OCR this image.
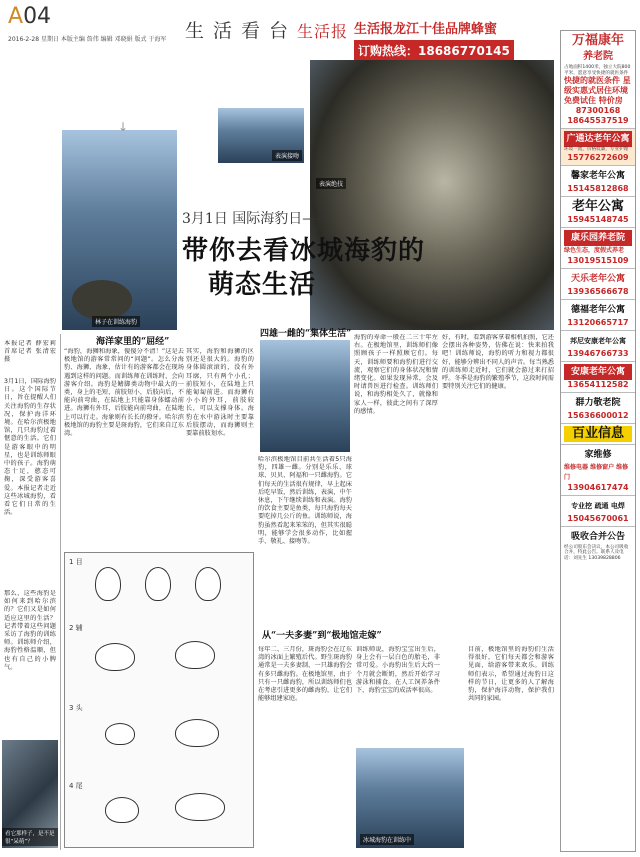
A04
2016-2-28 星期日 本版主编 詹伟 编辑 邓晓娟 版式 于海军 生活看台生活报 生活报龙江十佳品牌蜂蜜
订购热线：18686770145
林子在训练海豹
↓
表演接吻
表演绝技
3月1日 国际海豹日——
带你去看冰城海豹的
萌态生活
海洋家里的“屈经”
四雄一雌的“集体生活”
从“一夫多妻”到“极地馆走嫁”
本报记者 薛宏莉 首席记者 张清宏 摄
3月1日，国际海豹日。这个国际节日，旨在提醒人们关注海豹的生存状况，保护海洋环境。在哈尔滨极地馆，几只海豹过着惬意的生活。它们是游客眼中的明星，也是训练师眼中的孩子。海豹萌态十足，憨态可掬，深受游客喜爱。本报记者走近这些冰城海豹，看看它们日常的生活。
那么，这些海豹是如何来到哈尔滨的？它们又是如何适应这里的生活？记者带着这些问题采访了海豹的训练师。训练师介绍，海豹性格温顺，但也有自己的小脾气。
看它那样子，是不是很“呆萌”？
“海豹，海狮和海象，傻傻分不清！”这是去极地馆的游客常常问的“问题”。怎么分海豹、海狮、海象，估计有的游客都会在现场遇到这样的问题。而训练师在训练时，会向游客介绍。海豹是鳍脚类动物中最大的一类，身上的毛短，前肢短小，后肢向后，不能向前弯曲，在陆地上只能靠身体蠕动前进。海狮有外耳，后肢能向前弯曲，在陆地上可以行走。海象则有长长的獠牙。哈尔滨极地馆的海豹主要是斑海豹，它们来自辽东湾。
其实，海豹和海狮的区别还是很大的。海豹的身体圆滚滚的，没有外耳廓，只有两个小孔；前肢短小，在陆地上只能匍匐前进。而海狮有小小的外耳，前肢较长，可以支撑身体。海豹在水中游泳时主要靠后肢摆动，而海狮则主要靠前肢划水。
1 目
2 辅
3 头
4 尾
哈尔滨极地馆目前共生活着5只海豹，四雄一雌。分别是乐乐、球球、贝贝、阿福和一只雌海豹。它们每天的生活很有规律，早上起床后吃早饭，然后训练，表演，中午休息，下午继续训练和表演。海豹的饮食主要是鱼类，每只海豹每天要吃掉几公斤的鱼。训练师说，海豹虽然看起来笨笨的，但其实很聪明，能够学会很多动作，比如握手、敬礼、接吻等。
海豹的寿命一般在二三十年左右。在极地馆里，训练师们像照顾孩子一样照顾它们。每天，训练师要和海豹们进行交流，观察它们的身体状况和情绪变化。如果发现异常，会及时请兽医进行检查。训练师们说，和海豹相处久了，就像和家人一样，彼此之间有了深厚的感情。
好，有时，看到游客拿着相机拍照，它还会摆出各种姿势，仿佛在说：快来拍我吧！训练师说，海豹的听力和视力都很好，能够分辨出不同人的声音。每当熟悉的训练师走近时，它们就会游过来打招呼。冬季是海豹的繁殖季节，这段时间需要特别关注它们的健康。
每年二、三月份，斑海豹会在辽东湾的冰面上繁殖后代。野生斑海豹通常是一夫多妻制，一只雄海豹会有多只雌海豹。在极地馆里，由于只有一只雌海豹，所以训练师们也在考虑引进更多的雌海豹，让它们能够组建家庭。
训练师说，海豹宝宝出生后，身上会有一层白色的胎毛，非常可爱。小海豹出生后大约一个月就会断奶，然后开始学习游泳和捕食。在人工饲养条件下，海豹宝宝的成活率很高。
冰城海豹在训练中
目前，极地馆里的海豹们生活得很好，它们每天都会和游客见面，给游客带来欢乐。训练师们表示，希望通过海豹日这样的节日，让更多的人了解海豹，保护海洋动物，保护我们共同的家园。
万福康年
养老院
占地面积1400米，独立大院800平米，愿意享受快捷的就医条件
快捷的就医条件 星级实惠式居住环境 免费试住 特价房
87300168 18645537519
广通达老年公寓
环境一流，价格低廉，专业护理
15776272609
馨家老年公寓
15145812868
老年公寓
15945148745
康乐园养老院
绿色生态，度假式养老
13019515109
天乐老年公寓
13936566678
德福老年公寓
13120665717
邦尼安康老年公寓
13946766733
安康老年公寓
13654112582
群力敬老院
15636600012
百业信息
家维修
维修电器 维修窗户 维修门
13904617474
专业挖 疏通 电焊
15045670061
吸收合并公告
经公司股东会决议，本公司吸收合并，特此公告。联系人及电话：刘先生 13039828806
